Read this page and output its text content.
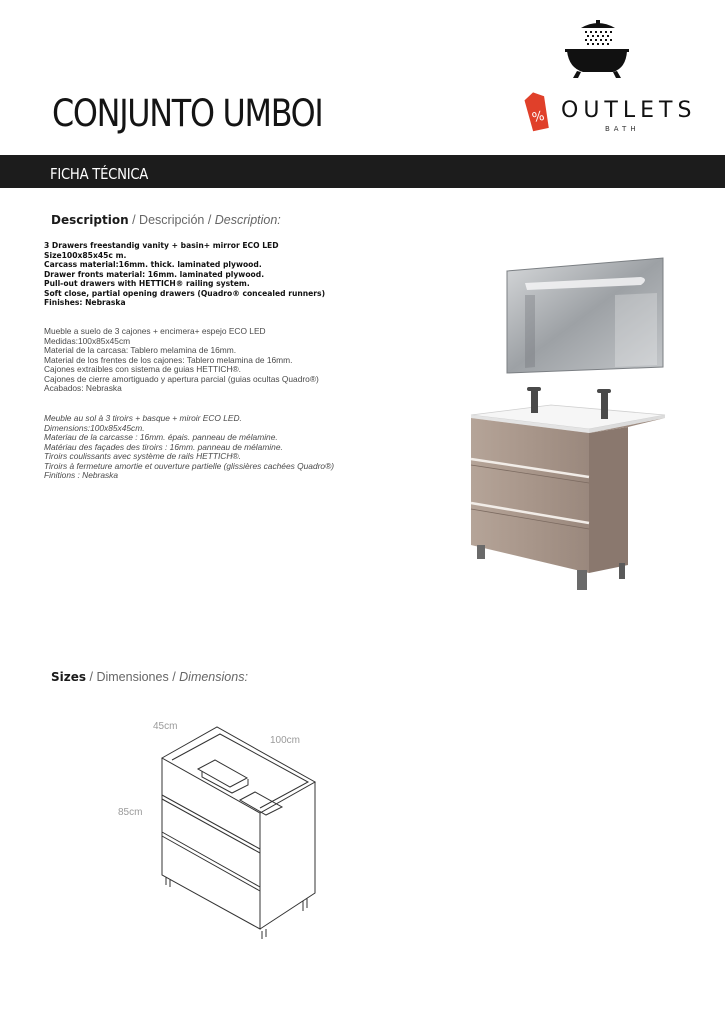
CONJUNTO UMBOI	% OUTLETS
BATH
FICHA TÉCNICA
Description / Descripción / Description:
3 Drawers freestandig vanity + basin+ mirror ECO LED
Size100x85x45c m.
Carcass material:16mm. thick. laminated plywood.
Drawer fronts material: 16mm. laminated plywood.
Pull-out drawers with HETTICH® railing system.
Soft close, partial opening drawers (Quadro® concealed runners)
Finishes: Nebraska
Mueble a suelo de 3 cajones + encimera+ espejo ECO LED
Medidas:100x85x45cm
Material de la carcasa: Tablero melamina de 16mm.
Material de los frentes de los cajones: Tablero melamina de 16mm.
Cajones extraibles con sistema de guias HETTICH®.
Cajones de cierre amortiguado y apertura parcial (guias ocultas Quadro®)
Acabados: Nebraska
Meuble au sol à 3 tiroirs + basque + miroir ECO LED.
Dimensions:100x85x45cm.
Materiau de la carcasse : 16mm. épais. panneau de mélamine.
Matériau des façades des tiroirs : 16mm. panneau de mélamine.
Tiroirs coulissants avec système de rails HETTICH®.
Tiroirs à fermeture amortie et ouverture partielle (glissières cachées Quadro®)
Finitions : Nebraska
Sizes / Dimensiones / Dimensions:
45cm
100cm
85cm
